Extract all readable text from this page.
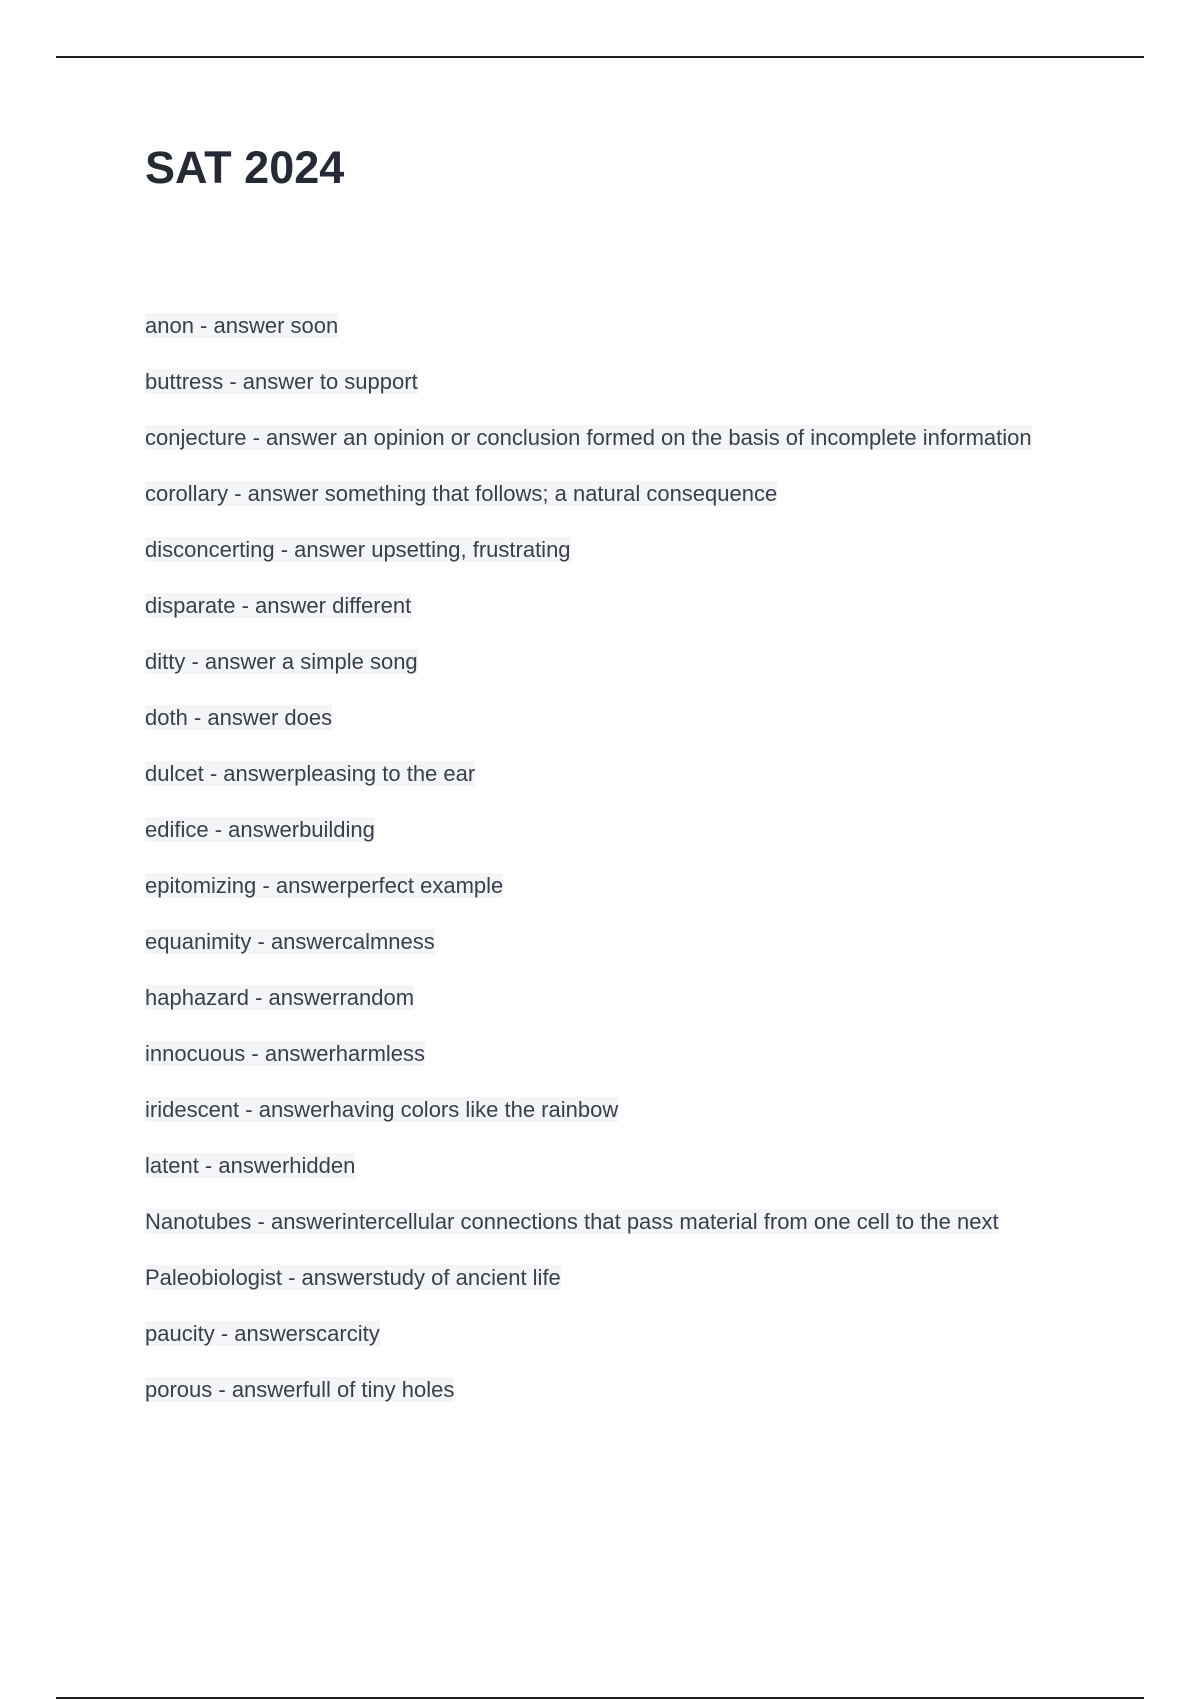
SAT 2024
anon - answer soon
buttress - answer to support
conjecture - answer an opinion or conclusion formed on the basis of incomplete information
corollary - answer something that follows; a natural consequence
disconcerting - answer upsetting, frustrating
disparate - answer different
ditty - answer a simple song
doth - answer does
dulcet - answerpleasing to the ear
edifice - answerbuilding
epitomizing - answerperfect example
equanimity - answercalmness
haphazard - answerrandom
innocuous - answerharmless
iridescent - answerhaving colors like the rainbow
latent - answerhidden
Nanotubes - answerintercellular connections that pass material from one cell to the next
Paleobiologist - answerstudy of ancient life
paucity - answerscarcity
porous - answerfull of tiny holes
